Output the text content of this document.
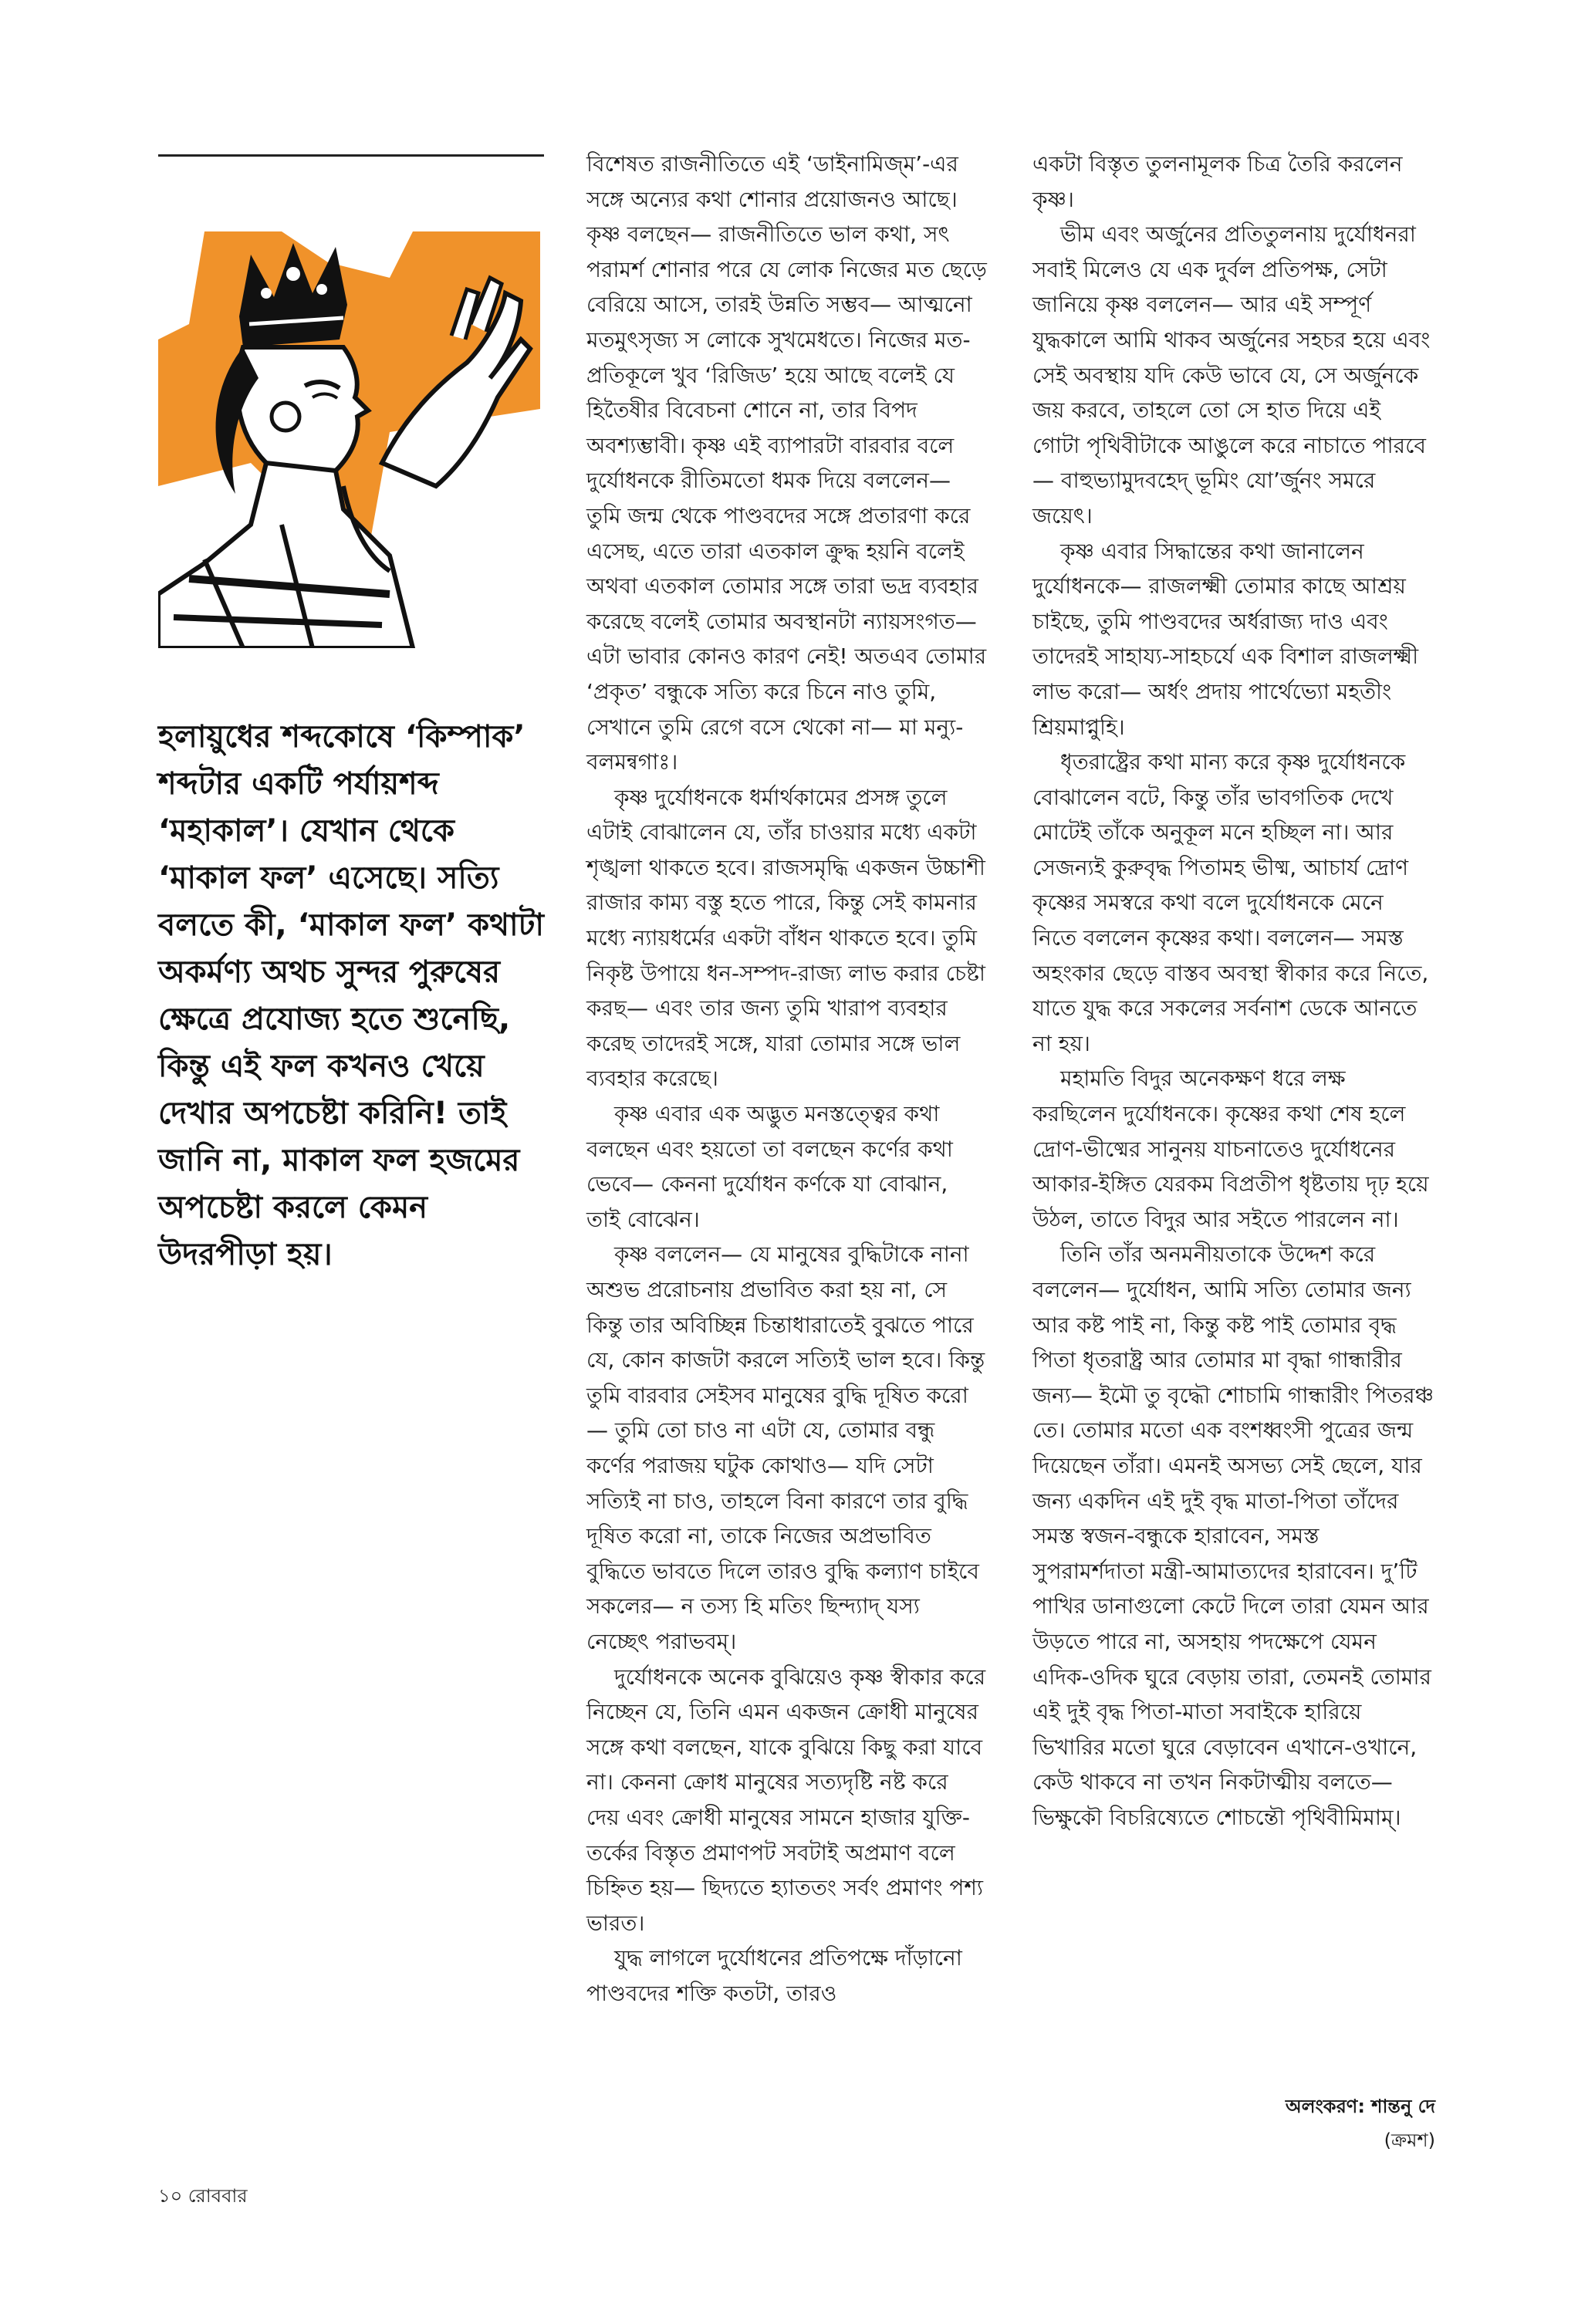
হলায়ুধের শব্দকোষে ‘কিম্পাক’ শব্দটার একটি পর্যায়শব্দ ‘মহাকাল’। যেখান থেকে ‘মাকাল ফল’ এসেছে। সত্যি বলতে কী, ‘মাকাল ফল’ কথাটা অকর্মণ্য অথচ সুন্দর পুরুষের ক্ষেত্রে প্রযোজ্য হতে শুনেছি, কিন্তু এই ফল কখনও খেয়ে দেখার অপচেষ্টা করিনি! তাই জানি না, মাকাল ফল হজমের অপচেষ্টা করলে কেমন উদরপীড়া হয়।

বিশেষত রাজনীতিতে এই ‘ডাইনামিজ্‌ম’-এর সঙ্গে অন্যের কথা শোনার প্রয়োজনও আছে। কৃষ্ণ বলছেন— রাজনীতিতে ভাল কথা, সৎ পরামর্শ শোনার পরে যে লোক নিজের মত ছেড়ে বেরিয়ে আসে, তারই উন্নতি সম্ভব— আত্মনো মতমুৎসৃজ্য স লোকে সুখমেধতে। নিজের মত-প্রতিকূলে খুব ‘রিজিড’ হয়ে আছে বলেই যে হিতৈষীর বিবেচনা শোনে না, তার বিপদ অবশ্যম্ভাবী। কৃষ্ণ এই ব্যাপারটা বারবার বলে দুর্যোধনকে রীতিমতো ধমক দিয়ে বললেন— তুমি জন্ম থেকে পাণ্ডবদের সঙ্গে প্রতারণা করে এসেছ, এতে তারা এতকাল ক্রুদ্ধ হয়নি বলেই অথবা এতকাল তোমার সঙ্গে তারা ভদ্র ব্যবহার করেছে বলেই তোমার অবস্থানটা ন্যায়সংগত— এটা ভাবার কোনও কারণ নেই! অতএব তোমার ‘প্রকৃত’ বন্ধুকে সত্যি করে চিনে নাও তুমি, সেখানে তুমি রেগে বসে থেকো না— মা মন্যু-বলমন্বগাঃ।

কৃষ্ণ দুর্যোধনকে ধর্মার্থকামের প্রসঙ্গ তুলে এটাই বোঝালেন যে, তাঁর চাওয়ার মধ্যে একটা শৃঙ্খলা থাকতে হবে। রাজসমৃদ্ধি একজন উচ্চাশী রাজার কাম্য বস্তু হতে পারে, কিন্তু সেই কামনার মধ্যে ন্যায়ধর্মের একটা বাঁধন থাকতে হবে। তুমি নিকৃষ্ট উপায়ে ধন-সম্পদ-রাজ্য লাভ করার চেষ্টা করছ— এবং তার জন্য তুমি খারাপ ব্যবহার করেছ তাদেরই সঙ্গে, যারা তোমার সঙ্গে ভাল ব্যবহার করেছে।

কৃষ্ণ এবার এক অদ্ভুত মনস্তত্ত্বের কথা বলছেন এবং হয়তো তা বলছেন কর্ণের কথা ভেবে— কেননা দুর্যোধন কর্ণকে যা বোঝান, তাই বোঝেন।

কৃষ্ণ বললেন— যে মানুষের বুদ্ধিটাকে নানা অশুভ প্ররোচনায় প্রভাবিত করা হয় না, সে কিন্তু তার অবিচ্ছিন্ন চিন্তাধারাতেই বুঝতে পারে যে, কোন কাজটা করলে সত্যিই ভাল হবে। কিন্তু তুমি বারবার সেইসব মানুষের বুদ্ধি দূষিত করো— তুমি তো চাও না এটা যে, তোমার বন্ধু কর্ণের পরাজয় ঘটুক কোথাও— যদি সেটা সত্যিই না চাও, তাহলে বিনা কারণে তার বুদ্ধি দূষিত করো না, তাকে নিজের অপ্রভাবিত বুদ্ধিতে ভাবতে দিলে তারও বুদ্ধি কল্যাণ চাইবে সকলের— ন তস্য হি মতিং ছিন্দ্যাদ্‌ যস্য নেচ্ছেৎ পরাভবম্‌।

দুর্যোধনকে অনেক বুঝিয়েও কৃষ্ণ স্বীকার করে নিচ্ছেন যে, তিনি এমন একজন ক্রোধী মানুষের সঙ্গে কথা বলছেন, যাকে বুঝিয়ে কিছু করা যাবে না। কেননা ক্রোধ মানুষের সত্যদৃষ্টি নষ্ট করে দেয় এবং ক্রোধী মানুষের সামনে হাজার যুক্তি-তর্কের বিস্তৃত প্রমাণপট সবটাই অপ্রমাণ বলে চিহ্নিত হয়— ছিদ্যতে হ্যাততং সর্বং প্রমাণং পশ্য ভারত।

যুদ্ধ লাগলে দুর্যোধনের প্রতিপক্ষে দাঁড়ানো পাণ্ডবদের শক্তি কতটা, তারও

একটা বিস্তৃত তুলনামূলক চিত্র তৈরি করলেন কৃষ্ণ।

ভীম এবং অর্জুনের প্রতিতুলনায় দুর্যোধনরা সবাই মিলেও যে এক দুর্বল প্রতিপক্ষ, সেটা জানিয়ে কৃষ্ণ বললেন— আর এই সম্পূর্ণ যুদ্ধকালে আমি থাকব অর্জুনের সহচর হয়ে এবং সেই অবস্থায় যদি কেউ ভাবে যে, সে অর্জুনকে জয় করবে, তাহলে তো সে হাত দিয়ে এই গোটা পৃথিবীটাকে আঙুলে করে নাচাতে পারবে— বাহুভ্যামুদবহেদ্‌ ভূমিং যো’র্জুনং সমরে জয়েৎ।

কৃষ্ণ এবার সিদ্ধান্তের কথা জানালেন দুর্যোধনকে— রাজলক্ষ্মী তোমার কাছে আশ্রয় চাইছে, তুমি পাণ্ডবদের অর্ধরাজ্য দাও এবং তাদেরই সাহায্য-সাহচর্যে এক বিশাল রাজলক্ষ্মী লাভ করো— অর্ধং প্রদায় পার্থেভ্যো মহতীং শ্রিয়মাপ্নুহি।

ধৃতরাষ্ট্রের কথা মান্য করে কৃষ্ণ দুর্যোধনকে বোঝালেন বটে, কিন্তু তাঁর ভাবগতিক দেখে মোটেই তাঁকে অনুকূল মনে হচ্ছিল না। আর সেজন্যই কুরুবৃদ্ধ পিতামহ ভীষ্ম, আচার্য দ্রোণ কৃষ্ণের সমস্বরে কথা বলে দুর্যোধনকে মেনে নিতে বললেন কৃষ্ণের কথা। বললেন— সমস্ত অহংকার ছেড়ে বাস্তব অবস্থা স্বীকার করে নিতে, যাতে যুদ্ধ করে সকলের সর্বনাশ ডেকে আনতে না হয়।

মহামতি বিদুর অনেকক্ষণ ধরে লক্ষ করছিলেন দুর্যোধনকে। কৃষ্ণের কথা শেষ হলে দ্রোণ-ভীষ্মের সানুনয় যাচনাতেও দুর্যোধনের আকার-ইঙ্গিত যেরকম বিপ্রতীপ ধৃষ্টতায় দৃঢ় হয়ে উঠল, তাতে বিদুর আর সইতে পারলেন না।

তিনি তাঁর অনমনীয়তাকে উদ্দেশ করে বললেন— দুর্যোধন, আমি সত্যি তোমার জন্য আর কষ্ট পাই না, কিন্তু কষ্ট পাই তোমার বৃদ্ধ পিতা ধৃতরাষ্ট্র আর তোমার মা বৃদ্ধা গান্ধারীর জন্য— ইমৌ তু বৃদ্ধৌ শোচামি গান্ধারীং পিতরঞ্চ তে। তোমার মতো এক বংশধ্বংসী পুত্রের জন্ম দিয়েছেন তাঁরা। এমনই অসভ্য সেই ছেলে, যার জন্য একদিন এই দুই বৃদ্ধ মাতা-পিতা তাঁদের সমস্ত স্বজন-বন্ধুকে হারাবেন, সমস্ত সুপরামর্শদাতা মন্ত্রী-আমাত্যদের হারাবেন। দু’টি পাখির ডানাগুলো কেটে দিলে তারা যেমন আর উড়তে পারে না, অসহায় পদক্ষেপে যেমন এদিক-ওদিক ঘুরে বেড়ায় তারা, তেমনই তোমার এই দুই বৃদ্ধ পিতা-মাতা সবাইকে হারিয়ে ভিখারির মতো ঘুরে বেড়াবেন এখানে-ওখানে, কেউ থাকবে না তখন নিকটাত্মীয় বলতে— ভিক্ষুকৌ বিচরিষ্যেতে শোচন্তৌ পৃথিবীমিমাম্‌।

অলংকরণ: শান্তনু দে
(ক্রমশ)
১০ রোববার
